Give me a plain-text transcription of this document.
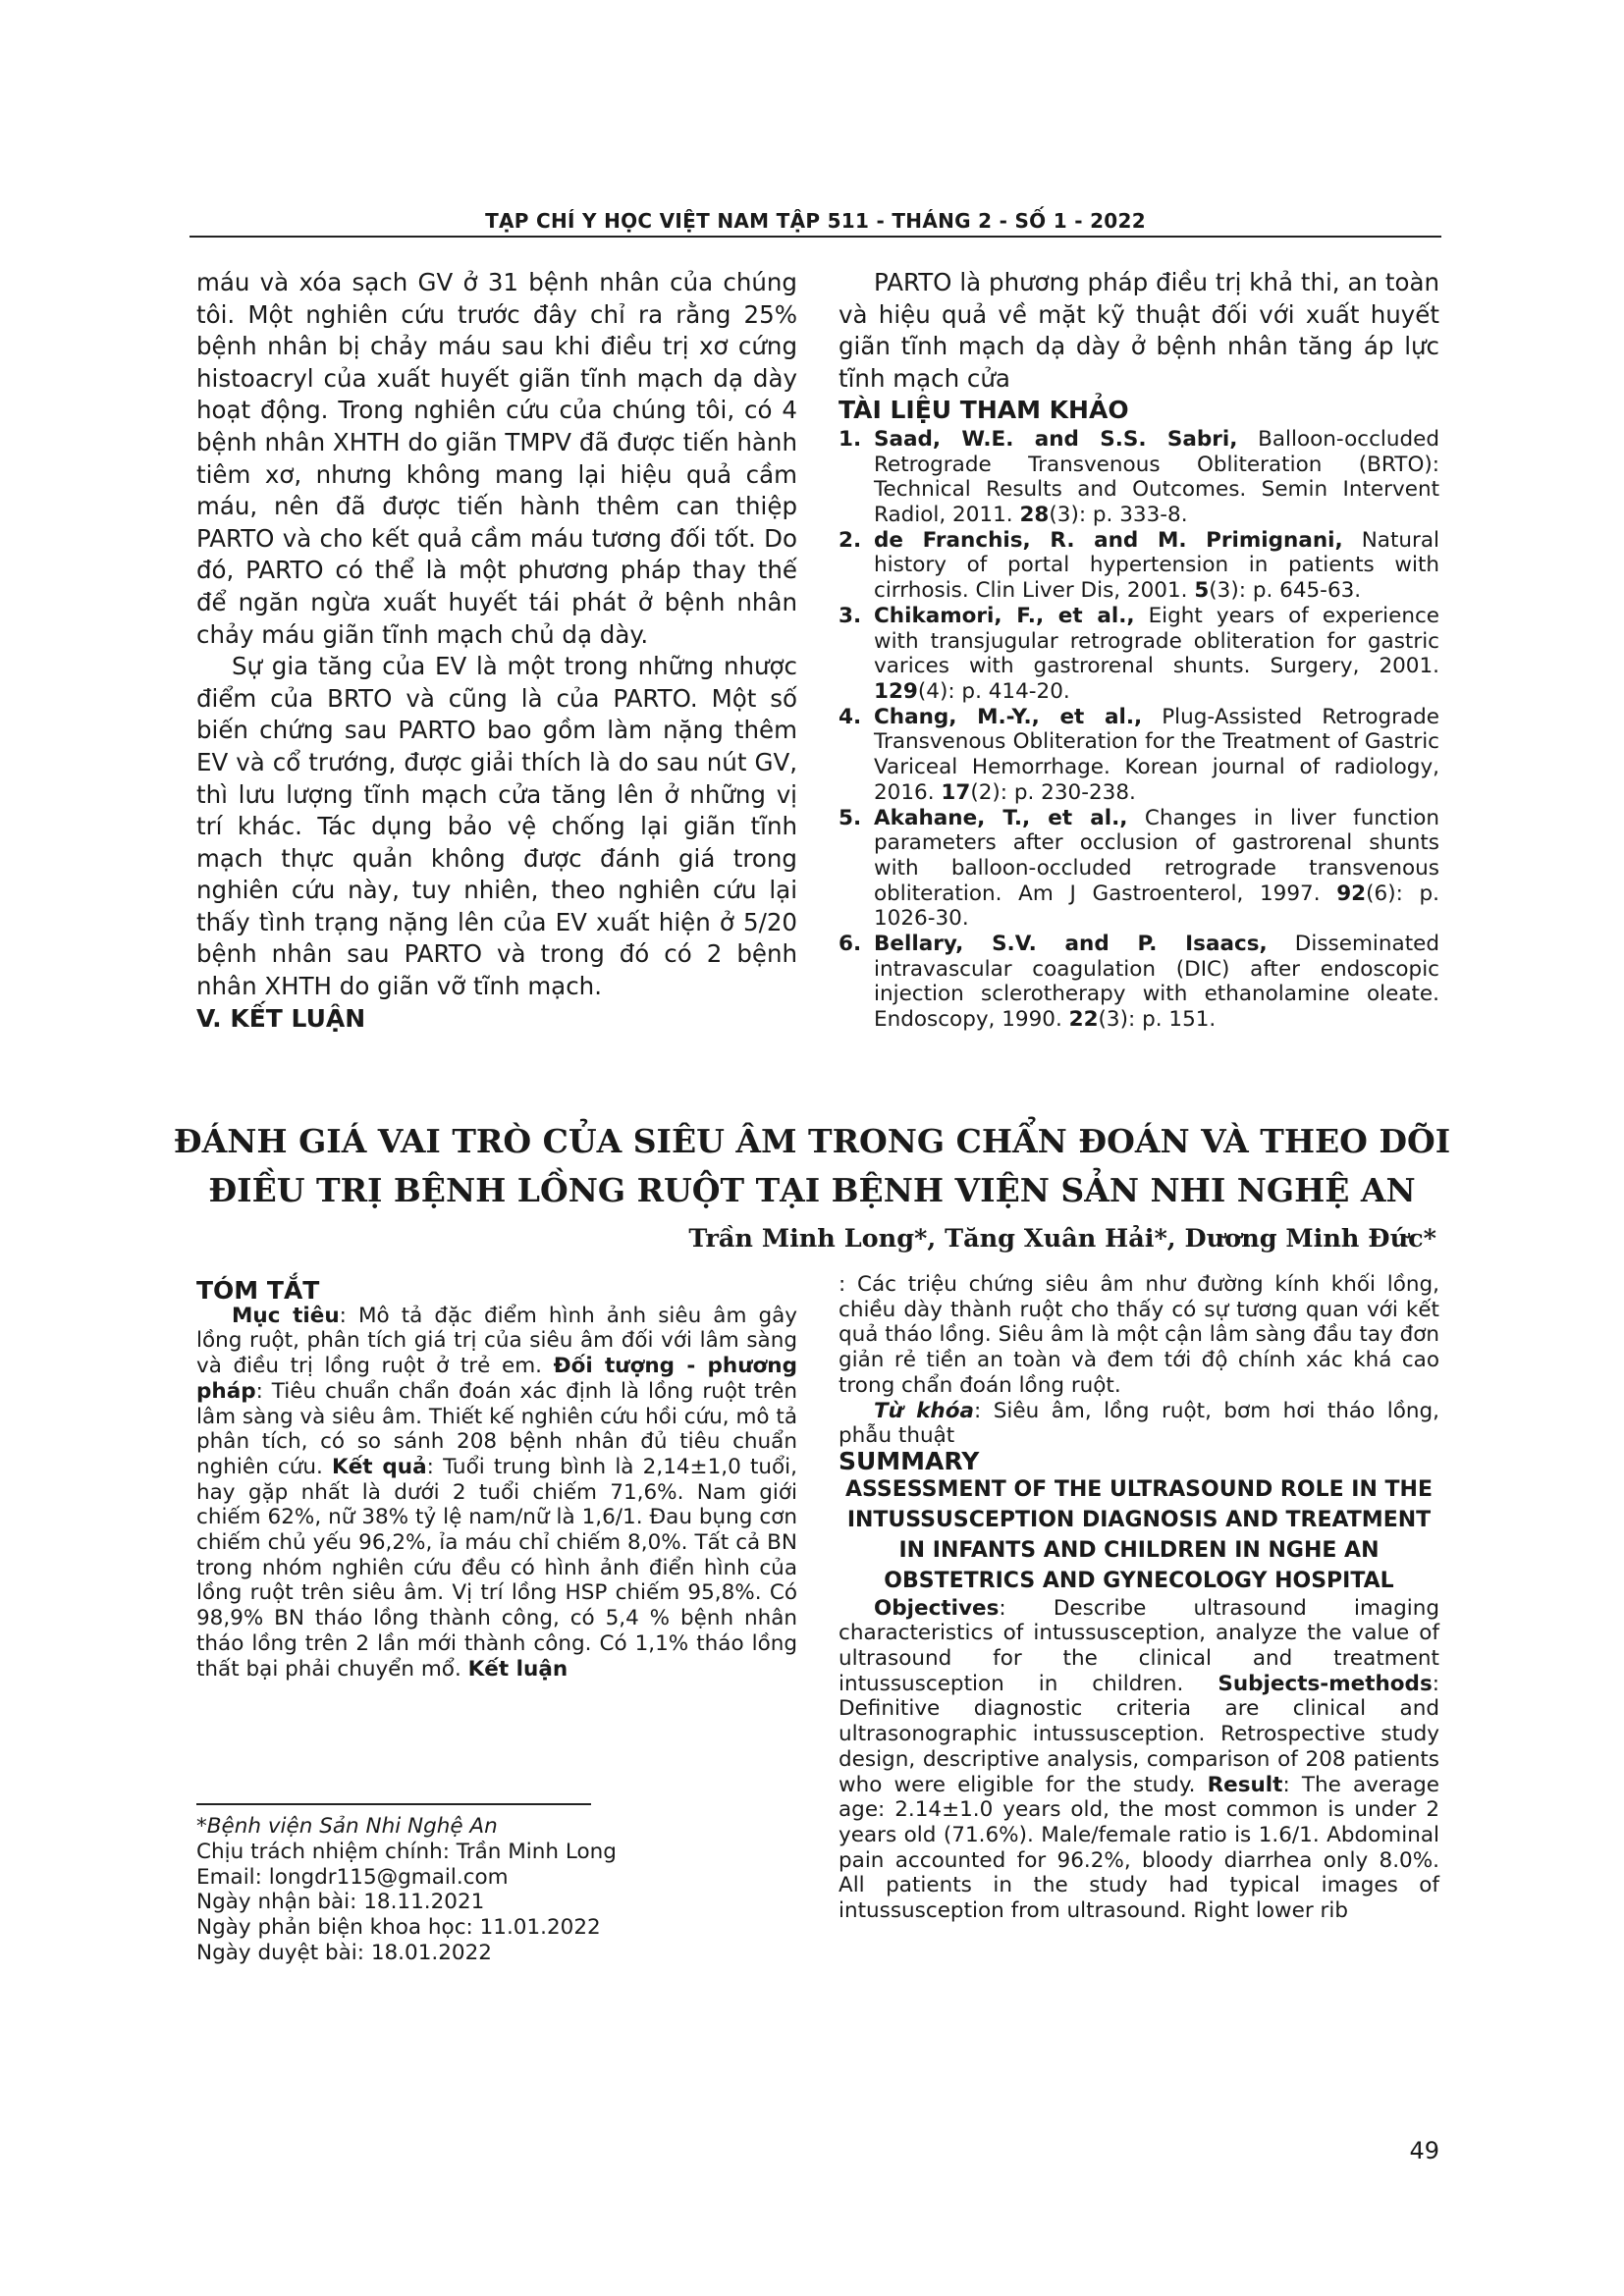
TẠP CHÍ Y HỌC VIỆT NAM TẬP 511 - THÁNG 2 - SỐ 1 - 2022

máu và xóa sạch GV ở 31 bệnh nhân của chúng tôi. Một nghiên cứu trước đây chỉ ra rằng 25% bệnh nhân bị chảy máu sau khi điều trị xơ cứng histoacryl của xuất huyết giãn tĩnh mạch dạ dày hoạt động. Trong nghiên cứu của chúng tôi, có 4 bệnh nhân XHTH do giãn TMPV đã được tiến hành tiêm xơ, nhưng không mang lại hiệu quả cầm máu, nên đã được tiến hành thêm can thiệp PARTO và cho kết quả cầm máu tương đối tốt. Do đó, PARTO có thể là một phương pháp thay thế để ngăn ngừa xuất huyết tái phát ở bệnh nhân chảy máu giãn tĩnh mạch chủ dạ dày.

Sự gia tăng của EV là một trong những nhược điểm của BRTO và cũng là của PARTO. Một số biến chứng sau PARTO bao gồm làm nặng thêm EV và cổ trướng, được giải thích là do sau nút GV, thì lưu lượng tĩnh mạch cửa tăng lên ở những vị trí khác. Tác dụng bảo vệ chống lại giãn tĩnh mạch thực quản không được đánh giá trong nghiên cứu này, tuy nhiên, theo nghiên cứu lại thấy tình trạng nặng lên của EV xuất hiện ở 5/20 bệnh nhân sau PARTO và trong đó có 2 bệnh nhân XHTH do giãn vỡ tĩnh mạch.

V. KẾT LUẬN

PARTO là phương pháp điều trị khả thi, an toàn và hiệu quả về mặt kỹ thuật đối với xuất huyết giãn tĩnh mạch dạ dày ở bệnh nhân tăng áp lực tĩnh mạch cửa

TÀI LIỆU THAM KHẢO

1. Saad, W.E. and S.S. Sabri, Balloon-occluded Retrograde Transvenous Obliteration (BRTO): Technical Results and Outcomes. Semin Intervent Radiol, 2011. 28(3): p. 333-8.
2. de Franchis, R. and M. Primignani, Natural history of portal hypertension in patients with cirrhosis. Clin Liver Dis, 2001. 5(3): p. 645-63.
3. Chikamori, F., et al., Eight years of experience with transjugular retrograde obliteration for gastric varices with gastrorenal shunts. Surgery, 2001. 129(4): p. 414-20.
4. Chang, M.-Y., et al., Plug-Assisted Retrograde Transvenous Obliteration for the Treatment of Gastric Variceal Hemorrhage. Korean journal of radiology, 2016. 17(2): p. 230-238.
5. Akahane, T., et al., Changes in liver function parameters after occlusion of gastrorenal shunts with balloon-occluded retrograde transvenous obliteration. Am J Gastroenterol, 1997. 92(6): p. 1026-30.
6. Bellary, S.V. and P. Isaacs, Disseminated intravascular coagulation (DIC) after endoscopic injection sclerotherapy with ethanolamine oleate. Endoscopy, 1990. 22(3): p. 151.
ĐÁNH GIÁ VAI TRÒ CỦA SIÊU ÂM TRONG CHẨN ĐOÁN VÀ THEO DÕI
ĐIỀU TRỊ BỆNH LỒNG RUỘT TẠI BỆNH VIỆN SẢN NHI NGHỆ AN
Trần Minh Long*, Tăng Xuân Hải*, Dương Minh Đức*

TÓM TẮT

Mục tiêu: Mô tả đặc điểm hình ảnh siêu âm gây lồng ruột, phân tích giá trị của siêu âm đối với lâm sàng và điều trị lồng ruột ở trẻ em. Đối tượng - phương pháp: Tiêu chuẩn chẩn đoán xác định là lồng ruột trên lâm sàng và siêu âm. Thiết kế nghiên cứu hồi cứu, mô tả phân tích, có so sánh 208 bệnh nhân đủ tiêu chuẩn nghiên cứu. Kết quả: Tuổi trung bình là 2,14±1,0 tuổi, hay gặp nhất là dưới 2 tuổi chiếm 71,6%. Nam giới chiếm 62%, nữ 38% tỷ lệ nam/nữ là 1,6/1. Đau bụng cơn chiếm chủ yếu 96,2%, ỉa máu chỉ chiếm 8,0%. Tất cả BN trong nhóm nghiên cứu đều có hình ảnh điển hình của lồng ruột trên siêu âm. Vị trí lồng HSP chiếm 95,8%. Có 98,9% BN tháo lồng thành công, có 5,4 % bệnh nhân tháo lồng trên 2 lần mới thành công. Có 1,1% tháo lồng thất bại phải chuyển mổ. Kết luận

: Các triệu chứng siêu âm như đường kính khối lồng, chiều dày thành ruột cho thấy có sự tương quan với kết quả tháo lồng. Siêu âm là một cận lâm sàng đầu tay đơn giản rẻ tiền an toàn và đem tới độ chính xác khá cao trong chẩn đoán lồng ruột.

Từ khóa: Siêu âm, lồng ruột, bơm hơi tháo lồng, phẫu thuật

SUMMARY

ASSESSMENT OF THE ULTRASOUND ROLE IN THE INTUSSUSCEPTION DIAGNOSIS AND TREATMENT IN INFANTS AND CHILDREN IN NGHE AN OBSTETRICS AND GYNECOLOGY HOSPITAL

Objectives: Describe ultrasound imaging characteristics of intussusception, analyze the value of ultrasound for the clinical and treatment intussusception in children. Subjects-methods: Definitive diagnostic criteria are clinical and ultrasonographic intussusception. Retrospective study design, descriptive analysis, comparison of 208 patients who were eligible for the study. Result: The average age: 2.14±1.0 years old, the most common is under 2 years old (71.6%). Male/female ratio is 1.6/1. Abdominal pain accounted for 96.2%, bloody diarrhea only 8.0%. All patients in the study had typical images of intussusception from ultrasound. Right lower rib

*Bệnh viện Sản Nhi Nghệ An
Chịu trách nhiệm chính: Trần Minh Long
Email: longdr115@gmail.com
Ngày nhận bài: 18.11.2021
Ngày phản biện khoa học: 11.01.2022
Ngày duyệt bài: 18.01.2022
49
